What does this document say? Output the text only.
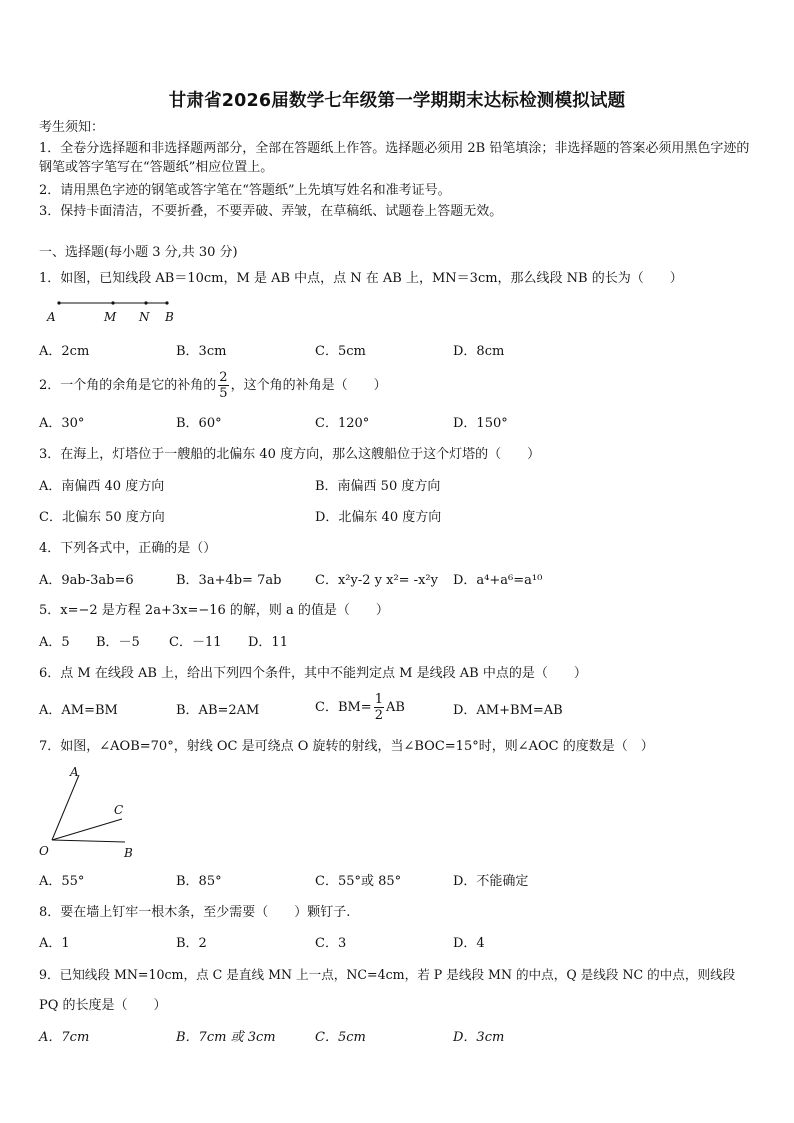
甘肃省2026届数学七年级第一学期期末达标检测模拟试题
考生须知：
1．全卷分选择题和非选择题两部分，全部在答题纸上作答。选择题必须用 2B 铅笔填涂；非选择题的答案必须用黑色字迹的钢笔或答字笔写在“答题纸”相应位置上。
2．请用黑色字迹的钢笔或答字笔在“答题纸”上先填写姓名和准考证号。
3．保持卡面清洁，不要折叠，不要弄破、弄皱，在草稿纸、试题卷上答题无效。
一、选择题(每小题 3 分,共 30 分)
1．如图，已知线段 AB＝10cm，M 是 AB 中点，点 N 在 AB 上，MN＝3cm，那么线段 NB 的长为（　　）
A	M N B
A．2cm	B．3cm	C．5cm	D．8cm
2．一个角的余角是它的补角的 $\frac{2}{5}$ ，这个角的补角是（　　）
A．30°	B．60°	C．120°	D．150°
3．在海上，灯塔位于一艘船的北偏东 40 度方向，那么这艘船位于这个灯塔的（　　）
A．南偏西 40 度方向	B．南偏西 50 度方向
C．北偏东 50 度方向	D．北偏东 40 度方向
4．下列各式中，正确的是（）
A．9ab-3ab=6	B．3a+4b= 7ab	C．x²y-2 y x²= -x²y D．a⁴+a⁶=a¹⁰
5．x=−2 是方程 2a+3x=−16 的解，则 a 的值是（　　）
A．5 B．－5 C．－11 D．11
6．点 M 在线段 AB 上，给出下列四个条件，其中不能判定点 M 是线段 AB 中点的是（　　）
A．AM=BM	B．AB=2AM	C．$BM= \frac{1}{2}$ AB	D．AM+BM=AB
7．如图，∠AOB=70°，射线 OC 是可绕点 O 旋转的射线，当∠BOC=15°时，则∠AOC 的度数是（　）
A
C
O	B
A．55°	B．85°	C．55°或 85°	D．不能确定
8．要在墙上钉牢一根木条，至少需要（　　）颗钉子.
A．1	B．2	C．3	D．4
9．已知线段 MN=10cm，点 C 是直线 MN 上一点，NC=4cm，若 P 是线段 MN 的中点，Q 是线段 NC 的中点，则线段
PQ 的长度是（　　）
A．7cm	B．7cm 或 3cm	C．5cm	D．3cm
